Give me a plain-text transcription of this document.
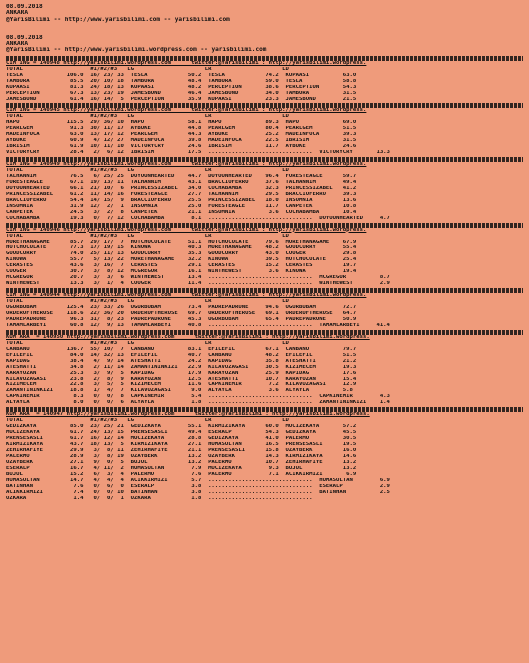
08.09.2018
ANKARA
@YarisBilimi -- http://www.yarisbilimi.com -- yarisbilimi.com
08.09.2018
ANKARA
@YarisBilimi -- http://www.yarisbilimi.wordpress.com -- yarisbilimi.com
CIM ING = 140948 http://yarisbilimi.wordpress.com      twitter:@YarisBilimi : http://yarisbilimi.wordpress.
TOTAL                    #1/#2/#3   LG                     LR                     LD
TESLA             106.0  16/ 23/ 33  TESLA            50.2  TESLA            74.2  KUPAASI          63.0
TAMBORA            85.5  20/ 10/ 18  TAMBORA          48.4  TAMBORA          59.0  TESLA            58.8
KUPAASI            81.3  24/ 18/ 13  KUPAASI          48.2  PERCEPTION       38.6  PERCEPTION       54.3
PERCEPTION         67.3  13/ 23/ 19  JAMESBOND        46.4  JAMESBOND        34.0  TAMBORA          31.5
JAMESBOND          61.4  16/ 14/  5  PERCEPTION       35.9  KUPAASI          23.3  JAMESBOND        21.5
CIM ING = 140945 http://yarisbilimi.wordpress.com      twitter:@YarisBilimi : http://yarisbilimi.wordpress.
TOTAL                    #1/#2/#3   LG                     LR                     LD
HAPO              115.5  29/ 36/ 10  HAPO             58.1  HAPO             89.3  HAPO             69.0
PEARLGEM           91.3  30/ 11/ 17  AYBUKE           44.8  PEARLGEM         80.4  PEARLGEM         51.5
MADEINFOCA         63.0  13/ 17/ 12  PEARLGEM         44.3  AYBUKE           25.2  MADEINFOCA       39.3
AYBUKE             60.9   4/ 12/ 27  MADEINFOCA       39.8  MADEINFOCA       22.5  IBRISIM          31.5
IBRISIM            61.9  10/ 11/ 10  VICTORYCRY       24.6  IBRISIM          11.7  AYBUKE           24.6
VICTORYCRY         28.4   2/  6/ 12  IBRISIM          17.5  ...............................  VICTORYCRY       13.3
CIM ING = 140949 http://yarisbilimi.wordpress.com      twitter:@YarisBilimi : http://yarisbilimi.wordpress.
TOTAL                    #1/#2/#3   LG                     LR                     LD
TALHANNIM          76.5   6/ 25/ 25  DOYOUNHEARTED    44.7  DOYOUNHEARTED    96.4  FORESTEAGLE      59.7
FORESTEAGLE        67.1  19/ 13/ 11  TALHANNIM        43.1  BRACCIOFERRO     37.6  TALHANNIM        49.4
DOYOUNHEARTED      66.1  21/ 10/  6  PRINCESSIZABEL   34.0  COCHABAMBA       32.3  PRINCESSIZABEL   41.2
PRINCESSIZABEL     61.2  11/ 14/ 16  FORESTEAGLE      27.7  TALHANNIM        29.5  BRACCIOFERRO     39.3
BRACCIOFERRO       54.4  14/ 15/  9  BRACCIOFERRO     25.5  PRINCESSIZABEL   18.0  INSOMNIA         13.6
INSOMNIA           31.9  12/  2/  1  INSOMNIA         25.0  FORESTEAGLE      11.7  CANPETEK         10.8
CANPETEK           24.5   3/  2/  8  CANPETEK         21.1  INSOMNIA          3.6  COCHABAMBA       10.4
COCHABAMBA         19.3   0/  7/ 12  COCHABAMBA        8.1  ...............................  DOYOUNHEARTED     4.7
CIM ING = 140946 http://yarisbilimi.wordpress.com      twitter:@YarisBilimi : http://yarisbilimi.wordpress.
TOTAL                    #1/#2/#3   LG                     LR                     LD
MORETHANAGAME      85.7  29/ 17/  7  HOTCHOCOLATE     51.1  HOTCHOCOLATE     79.6  MORETHANAGAME    67.9
HOTCHOCOLATE       77.3  17/ 19/ 15  KINOWA           40.3  MORETHANAGAME    48.2  GOODCURRY        55.4
GOODCURRY          74.0  25/ 11/ 13  GOODCURRY        35.3  GOODCURRY        43.0  COOGER           29.8
KINOWA             55.7   5/ 13/ 22  MORETHANAGAME    32.2  KINOWA           39.5  HOTCHOCOLATE     25.4
CERASTES           43.6   3/ 16/  7  CERASTES         29.1  CERASTES         15.2  CERASTES         19.7
COOGER             30.7   3/  8/ 12  MCGREGOR         16.1  WINTHEWEST        3.6  KINOWA           19.4
MCGREGOR           20.7   3/  3/  6  WINTHEWEST       13.4  ...............................  MCGREGOR          8.7
WINTHEWEST         13.3   3/  1/  4  COOGER           11.4  ...............................  WINTHEWEST        2.9
CIM ING = 140944 http://yarisbilimi.wordpress.com      twitter:@YarisBilimi : http://yarisbilimi.wordpress.
TOTAL                    #1/#2/#3   LG                     LR                     LD
UGURBUBAM         125.4  23/ 33/ 26  UGURBUBAM        73.4  PADREPADRONE     94.6  UGURBUBAM        72.7
ORDEROFTHEROSE    118.6  22/ 36/ 20  ORDEROFTHEROSE   69.7  ORDEROFTHEROSE   69.1  ORDEROFTHEROSE   64.7
PADREPADRONE       96.3  31/  8/ 23  PADREPADRONE     45.3  UGURBUBAM        65.4  PADREPADRONE     50.9
TAMAMLARBEYI       60.8  12/  9/ 13  TAMAMLARBEYI     40.8  ...............................  TAMAMLARBEYI     41.4
KUM ARA  = 140950 http://yarisbilimi.wordpress.com      twitter:@YarisBilimi : http://yarisbilimi.wordpress.
TOTAL                    #1/#2/#3   LG                     LR                     LD
CANBANU           136.7  55/ 10/  7  CANBANU          83.1  EFILEFIL         67.1  CANBANU          79.7
EFILEFIL           84.0  14/ 32/ 13  EFILEFIL         40.7  CANBANU          48.2  EFILEFIL         51.5
KAPIDAG            38.4   4/  9/ 14  ATESHATTI        24.2  KAPIDAG          35.8  ATESHATTI        21.2
ATESHATTI          34.8   2/ 11/ 14  ZAMANTININKIZI   22.9  KILAVUZAGASI     30.5  KIZIMECEM        19.3
KARAYOZAN          25.3   3/  9/  5  KAPIDAG          17.9  KARAYOZAN        25.9  KAPIDAG          17.6
KILAVUZAGASI       23.8   2/  8/  9  KARAYOZAN        12.5  ATESHATTI        10.7  KARAYOZAN        15.4
KIZIMECEM          22.8   3/  5/  5  KIZIMECEM        11.6  CAPKINEMIR        7.2  KILAVUZAGASI     12.9
ZAMANTININKIZI     18.8   1/  4/  7  KILAVUZAGASI      9.0  ALYAYLA           3.6  ALYAYLA          5.8
CAPKINEMIR          8.3   0/  0/  8  CAPKINEMIR        5.4  ...............................  CAPKINEMIR        4.3
ALYAYLA             8.0   0/  0/  6  ALYAYLA           1.8  ...............................  ZAMANTININKIZI    1.4
KUM ARA  = 140947 http://yarisbilimi.wordpress.com      twitter:@YarisBilimi : http://yarisbilimi.wordpress.
TOTAL                    #1/#2/#3   LG                     LR                     LD
GEDIZKAYA          85.0  23/ 25/ 21  GEDIZKAYA        55.1  KIRMIZIKAYA      60.0  MUCIZEKAYA       57.2
MUCIZEKAYA         61.7  24/ 13/ 15  PRENSESASLI      49.4  ESERALP          54.3  GEDIZKAYA        45.5
PRENSESASLI        61.7  16/ 12/ 14  MUCIZEKAYA       28.8  GEDIZKAYA        41.0  PALERMO          30.5
KIRMIZIKAYA        43.7  18/ 13/  5  KIRMIZIKAYA      27.1  HUMASULTAN       16.5  PRENSESASLI      19.5
ZEHIRHAFIYE        29.9   3/  8/ 11  ZEHIRHAFIYE      21.1  PRENSESASLI      15.8  OZAYBERK         16.0
PALERMO            28.9   3/  8/ 19  OZAYBERK         13.2  OZAYBERK         14.3  KIRMIZIKAYA      14.6
OZAYBERK           27.1   9/  0/  5  BUJUL            13.2  PALERMO          10.7  ZEHIRHAFIYE      13.2
ESERALP            16.7   4/ 11/  2  HUMASULTAN        7.9  MUCIZEKAYA        9.3  BUJUL            13.2
BUJUL              15.2   6/  3/  4  PALERMO           7.6  PALERMO           7.1  ACIKKIRMIZI       6.9
HUMASULTAN         14.7   4/  4/  4  ACIKKIRMIZI       5.7  ...............................  HUMASULTAN        6.9
BATINHAN            7.6   0/  6/  0  ESERALP           3.8  ...............................  ESERALP           2.9
ACIKKIRMIZI         7.4   0/  0/ 10  BATINHAN          3.8  ...............................  BATINHAN          2.5
OZKARA              1.4   0/  0/  1  OZKARA            1.8  ...............................
